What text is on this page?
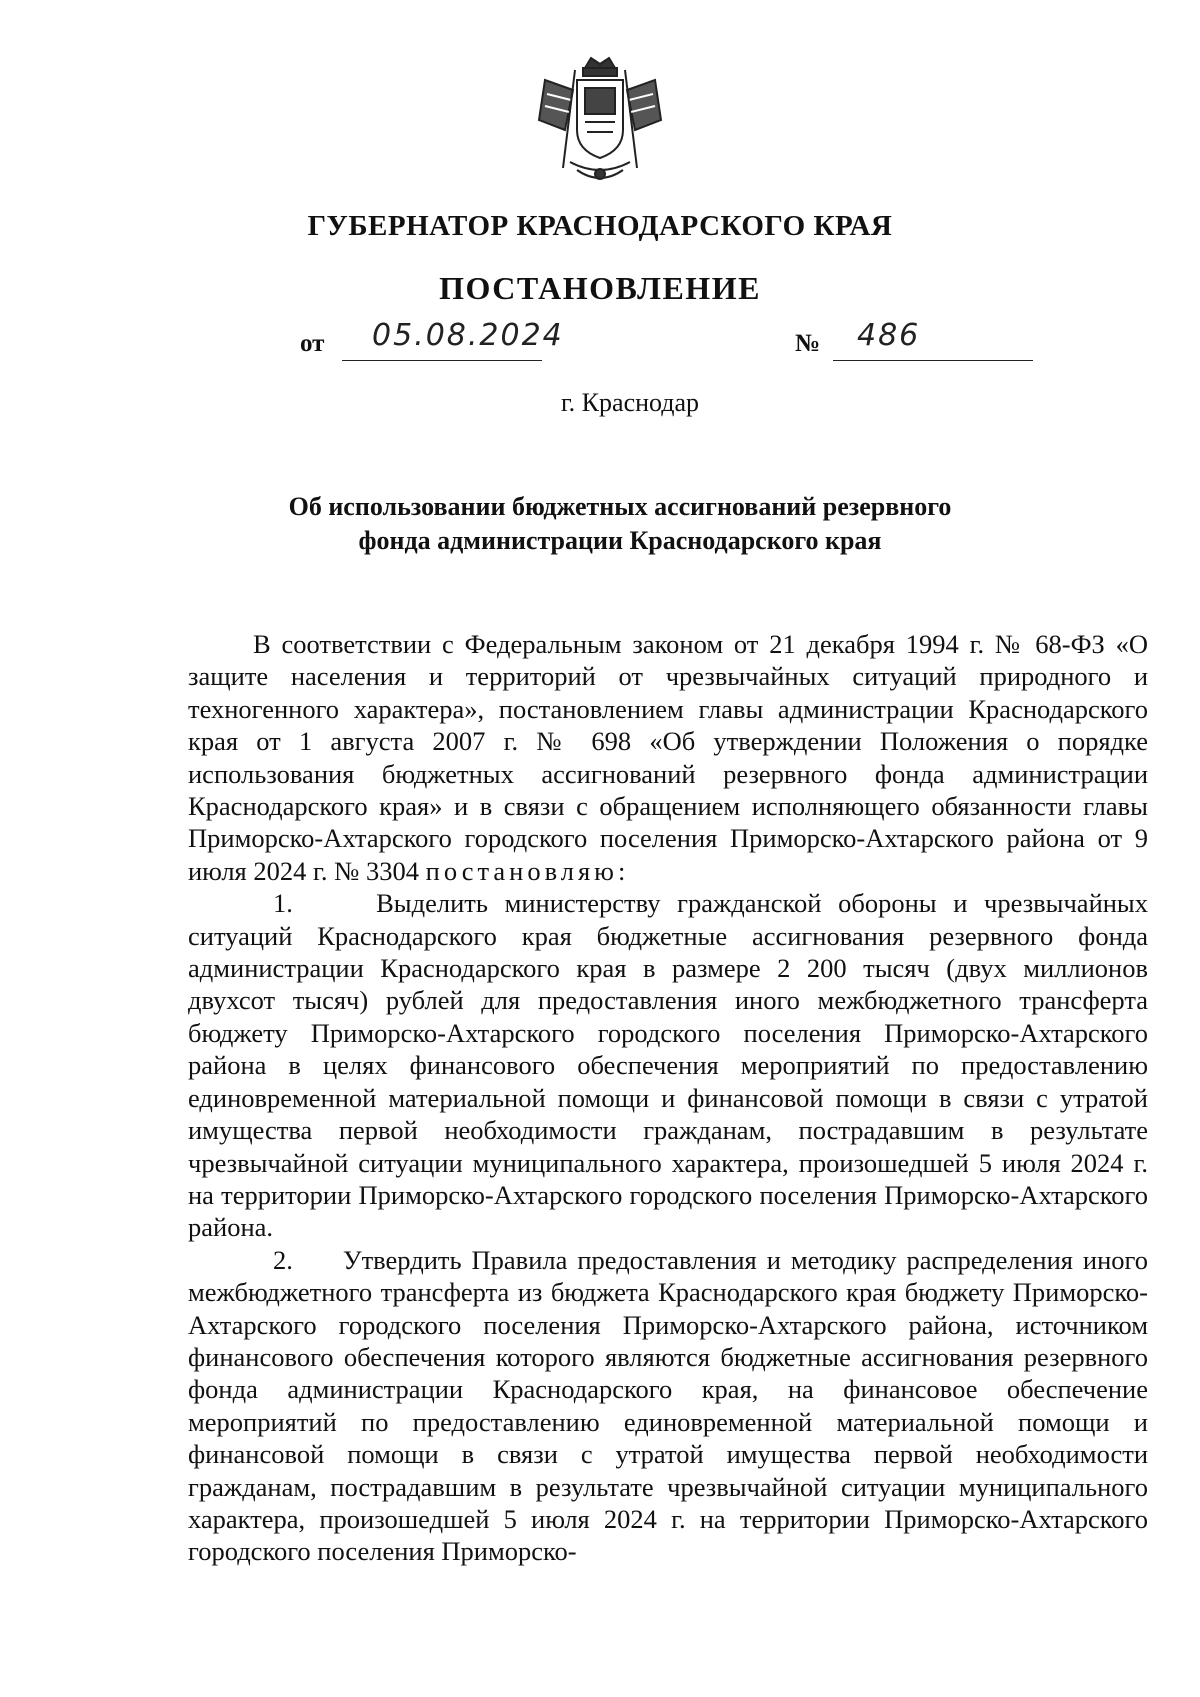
ГУБЕРНАТОР КРАСНОДАРСКОГО КРАЯ
ПОСТАНОВЛЕНИЕ
от 05.08.2024	№ 486
г. Краснодар
Об использовании бюджетных ассигнований резервного
фонда администрации Краснодарского края

В соответствии с Федеральным законом от 21 декабря 1994 г. № 68-ФЗ «О защите населения и территорий от чрезвычайных ситуаций природного и техногенного характера», постановлением главы администрации Краснодарского края от 1 августа 2007 г. № 698 «Об утверждении Положения о порядке использования бюджетных ассигнований резервного фонда администрации Краснодарского края» и в связи с обращением исполняющего обязанности главы Приморско-Ахтарского городского поселения Приморско-Ахтарского района от 9 июля 2024 г. № 3304 постановляю:

1.	Выделить министерству гражданской обороны и чрезвычайных ситуаций Краснодарского края бюджетные ассигнования резервного фонда администрации Краснодарского края в размере 2 200 тысяч (двух миллионов двухсот тысяч) рублей для предоставления иного межбюджетного трансферта бюджету Приморско-Ахтарского городского поселения Приморско-Ахтарского района в целях финансового обеспечения мероприятий по предоставлению единовременной материальной помощи и финансовой помощи в связи с утратой имущества первой необходимости гражданам, пострадавшим в результате чрезвычайной ситуации муниципального характера, произошедшей 5 июля 2024 г. на территории Приморско-Ахтарского городского поселения Приморско-Ахтарского района.

2. Утвердить Правила предоставления и методику распределения иного межбюджетного трансферта из бюджета Краснодарского края бюджету Приморско-Ахтарского городского поселения Приморско-Ахтарского района, источником финансового обеспечения которого являются бюджетные ассигнования резервного фонда администрации Краснодарского края, на финансовое обеспечение мероприятий по предоставлению единовременной материальной помощи и финансовой помощи в связи с утратой имущества первой необходимости гражданам, пострадавшим в результате чрезвычайной ситуации муниципального характера, произошедшей 5 июля 2024 г. на территории Приморско-Ахтарского городского поселения Приморско-
